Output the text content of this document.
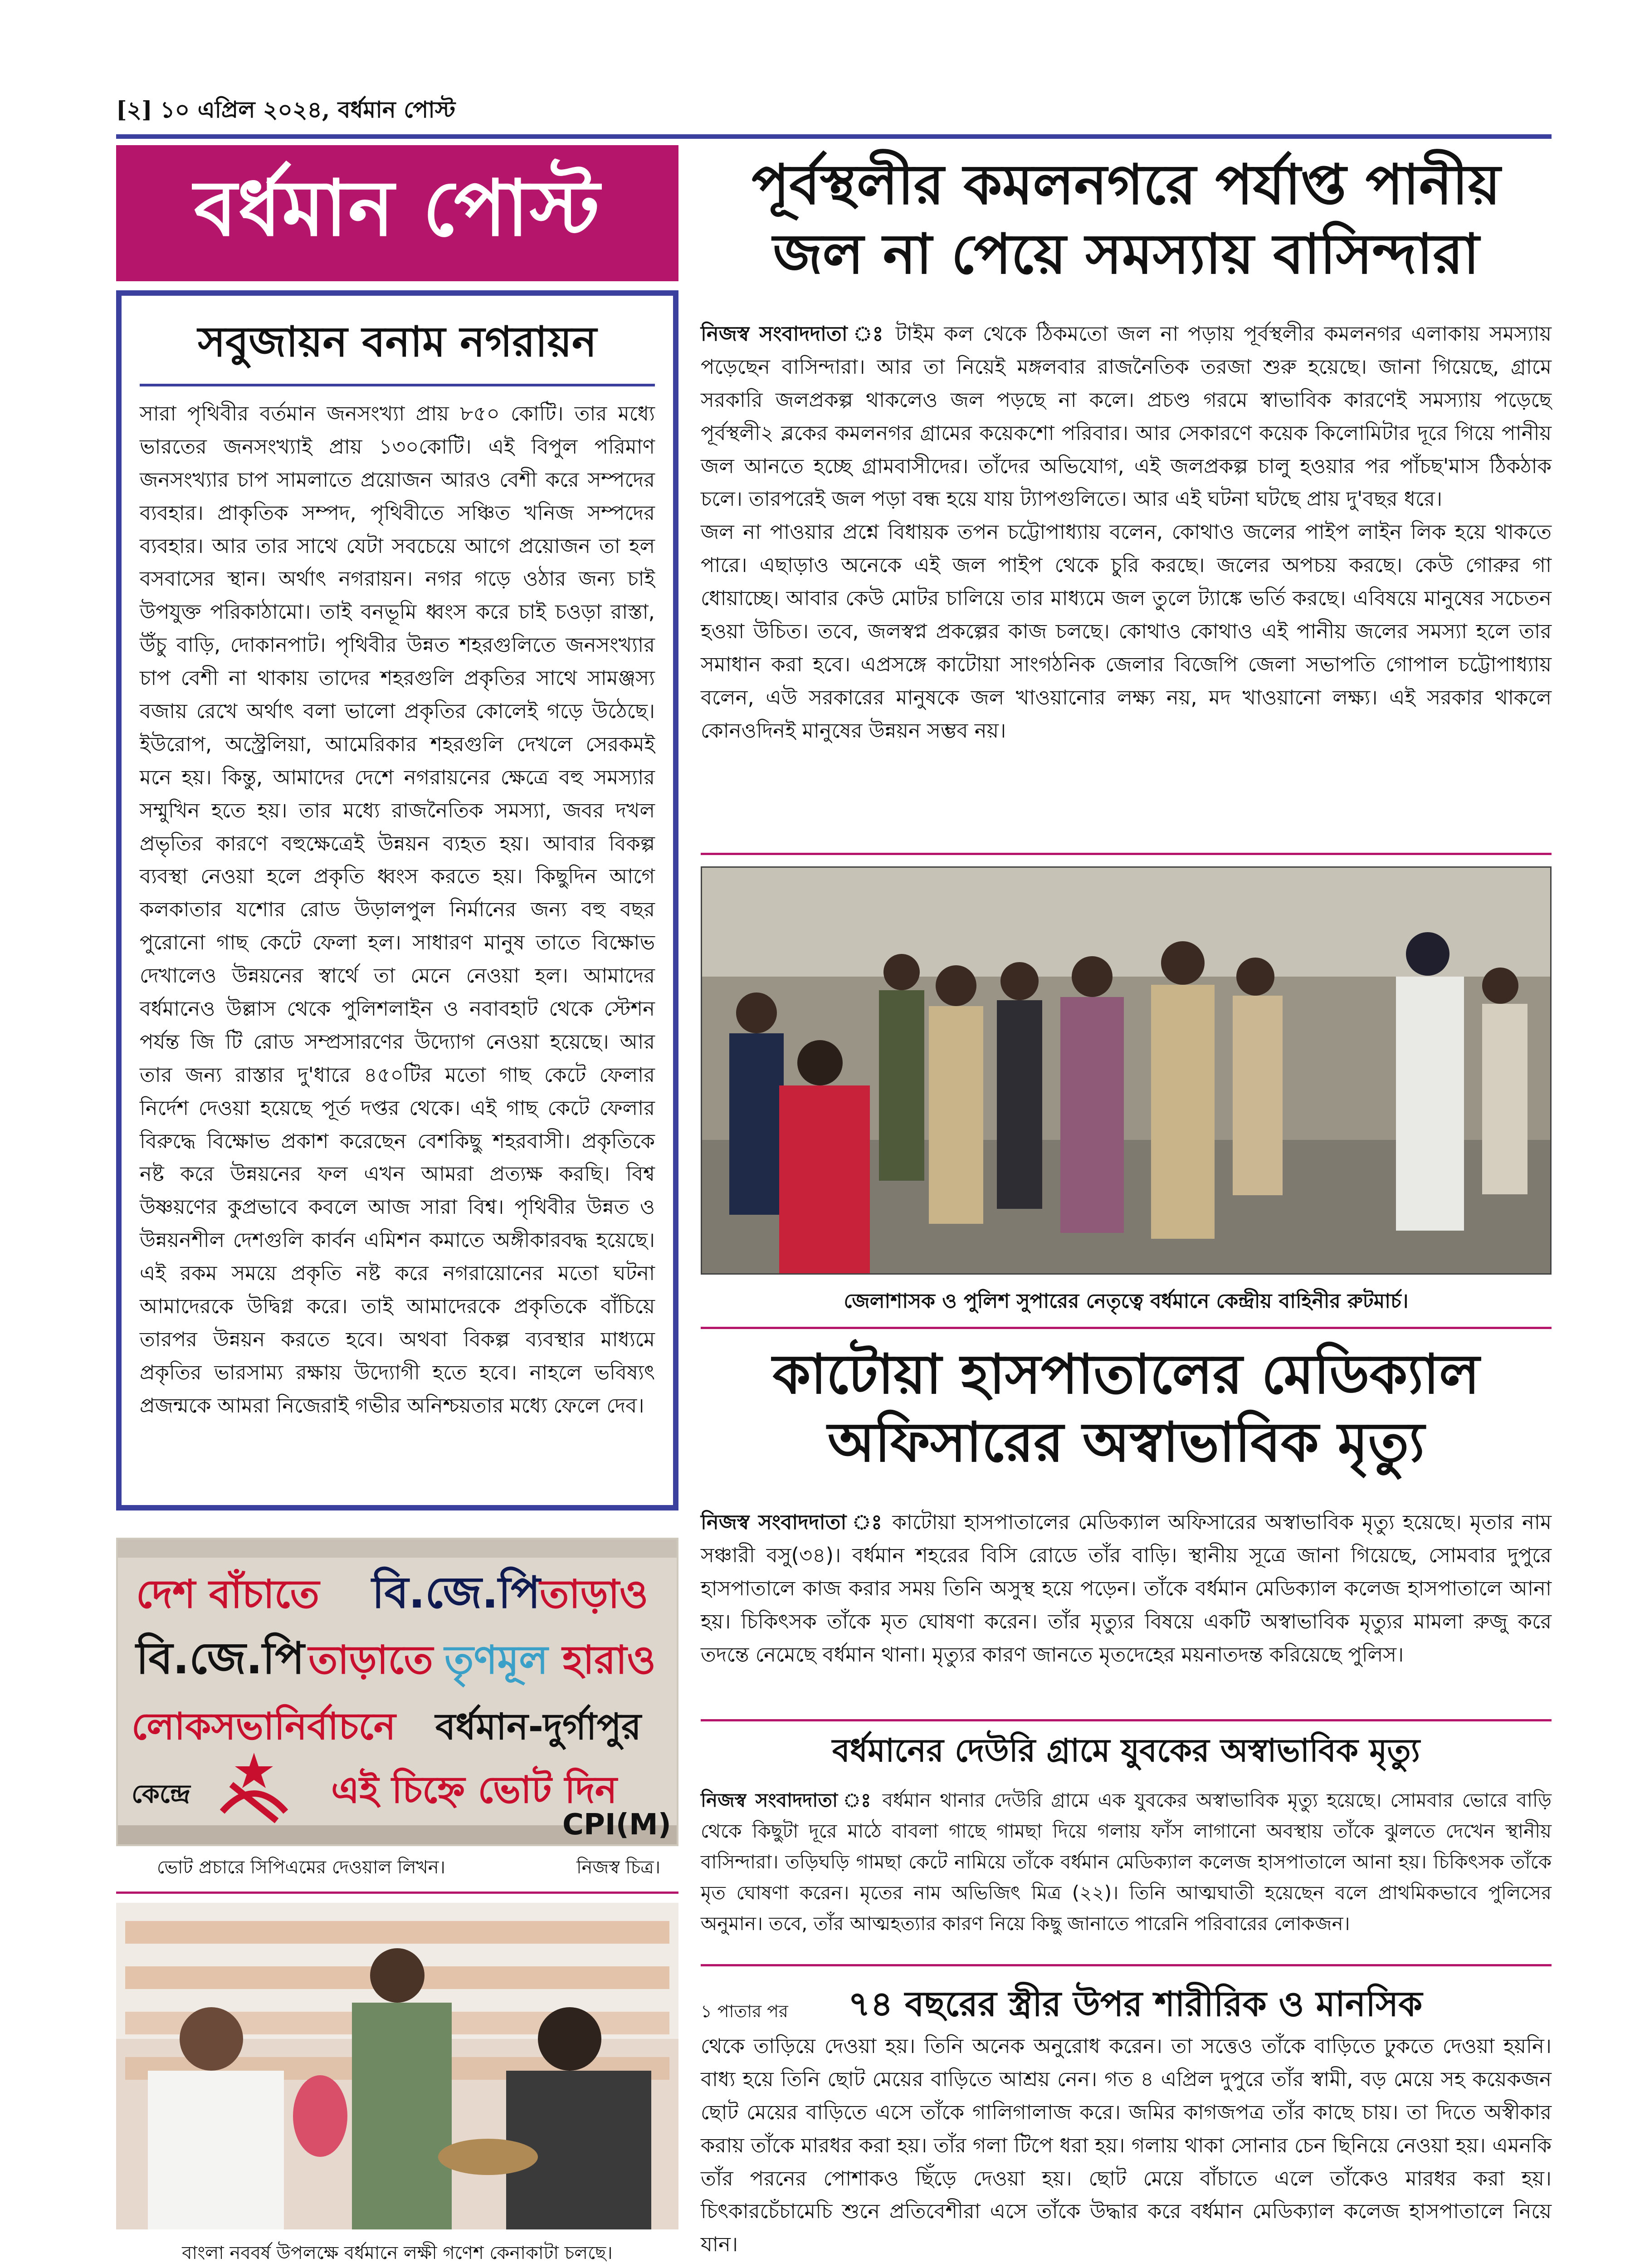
[২] ১০ এপ্রিল ২০২৪, বর্ধমান পোস্ট
বর্ধমান পোস্ট
সবুজায়ন বনাম নগরায়ন

সারা পৃথিবীর বর্তমান জনসংখ্যা প্রায় ৮৫০ কোটি। তার মধ্যে ভারতের জনসংখ্যাই প্রায় ১৩০কোটি। এই বিপুল পরিমাণ জনসংখ্যার চাপ সামলাতে প্রয়োজন আরও বেশী করে সম্পদের ব্যবহার। প্রাকৃতিক সম্পদ, পৃথিবীতে সঞ্চিত খনিজ সম্পদের ব্যবহার। আর তার সাথে যেটা সবচেয়ে আগে প্রয়োজন তা হল বসবাসের স্থান। অর্থাৎ নগরায়ন। নগর গড়ে ওঠার জন্য চাই উপযুক্ত পরিকাঠামো। তাই বনভূমি ধ্বংস করে চাই চওড়া রাস্তা, উঁচু বাড়ি, দোকানপাট। পৃথিবীর উন্নত শহরগুলিতে জনসংখ্যার চাপ বেশী না থাকায় তাদের শহরগুলি প্রকৃতির সাথে সামঞ্জস্য বজায় রেখে অর্থাৎ বলা ভালো প্রকৃতির কোলেই গড়ে উঠেছে। ইউরোপ, অস্ট্রেলিয়া, আমেরিকার শহরগুলি দেখলে সেরকমই মনে হয়। কিন্তু, আমাদের দেশে নগরায়নের ক্ষেত্রে বহু সমস্যার সম্মুখিন হতে হয়। তার মধ্যে রাজনৈতিক সমস্যা, জবর দখল প্রভৃতির কারণে বহুক্ষেত্রেই উন্নয়ন ব্যহত হয়। আবার বিকল্প ব্যবস্থা নেওয়া হলে প্রকৃতি ধ্বংস করতে হয়। কিছুদিন আগে কলকাতার যশোর রোড উড়ালপুল নির্মানের জন্য বহু বছর পুরোনো গাছ কেটে ফেলা হল। সাধারণ মানুষ তাতে বিক্ষোভ দেখালেও উন্নয়নের স্বার্থে তা মেনে নেওয়া হল। আমাদের বর্ধমানেও উল্লাস থেকে পুলিশলাইন ও নবাবহাট থেকে স্টেশন পর্যন্ত জি টি রোড সম্প্রসারণের উদ্যোগ নেওয়া হয়েছে। আর তার জন্য রাস্তার দু'ধারে ৪৫০টির মতো গাছ কেটে ফেলার নির্দেশ দেওয়া হয়েছে পূর্ত দপ্তর থেকে। এই গাছ কেটে ফেলার বিরুদ্ধে বিক্ষোভ প্রকাশ করেছেন বেশকিছু শহরবাসী। প্রকৃতিকে নষ্ট করে উন্নয়নের ফল এখন আমরা প্রত্যক্ষ করছি। বিশ্ব উষ্ণয়ণের কুপ্রভাবে কবলে আজ সারা বিশ্ব। পৃথিবীর উন্নত ও উন্নয়নশীল দেশগুলি কার্বন এমিশন কমাতে অঙ্গীকারবদ্ধ হয়েছে। এই রকম সময়ে প্রকৃতি নষ্ট করে নগরায়োনের মতো ঘটনা আমাদেরকে উদ্বিগ্ন করে। তাই আমাদেরকে প্রকৃতিকে বাঁচিয়ে তারপর উন্নয়ন করতে হবে। অথবা বিকল্প ব্যবস্থার মাধ্যমে প্রকৃতির ভারসাম্য রক্ষায় উদ্যোগী হতে হবে। নাহলে ভবিষ্যৎ প্রজন্মকে আমরা নিজেরাই গভীর অনিশ্চয়তার মধ্যে ফেলে দেব।

দেশ বাঁচাতে বি.জে.পি
তাড়াও
বি.জে.পি তাড়াতে তৃণমূল হারাও
লোকসভানির্বাচনে বর্ধমান-দুর্গাপুর
কেন্দ্রে	এই চিহ্নে ভোট দিন
CPI(M)
ভোট প্রচারে সিপিএমের দেওয়াল লিখন।	নিজস্ব চিত্র।
বাংলা নববর্ষ উপলক্ষে বর্ধমানে লক্ষী গণেশ কেনাকাটা চলছে।
পূর্বস্থলীর কমলনগরে পর্যাপ্ত পানীয় জল না পেয়ে সমস্যায় বাসিন্দারা

নিজস্ব সংবাদদাতা ঃ টাইম কল থেকে ঠিকমতো জল না পড়ায় পূর্বস্থলীর কমলনগর এলাকায় সমস্যায় পড়েছেন বাসিন্দারা। আর তা নিয়েই মঙ্গলবার রাজনৈতিক তরজা শুরু হয়েছে। জানা গিয়েছে, গ্রামে সরকারি জলপ্রকল্প থাকলেও জল পড়ছে না কলে। প্রচণ্ড গরমে স্বাভাবিক কারণেই সমস্যায় পড়েছে পূর্বস্থলী২ ব্লকের কমলনগর গ্রামের কয়েকশো পরিবার। আর সেকারণে কয়েক কিলোমিটার দূরে গিয়ে পানীয় জল আনতে হচ্ছে গ্রামবাসীদের। তাঁদের অভিযোগ, এই জলপ্রকল্প চালু হওয়ার পর পাঁচছ'মাস ঠিকঠাক চলে। তারপরেই জল পড়া বন্ধ হয়ে যায় ট্যাপগুলিতে। আর এই ঘটনা ঘটছে প্রায় দু'বছর ধরে।

জল না পাওয়ার প্রশ্নে বিধায়ক তপন চট্টোপাধ্যায় বলেন, কোথাও জলের পাইপ লাইন লিক হয়ে থাকতে পারে। এছাড়াও অনেকে এই জল পাইপ থেকে চুরি করছে। জলের অপচয় করছে। কেউ গোরুর গা ধোয়াচ্ছে। আবার কেউ মোটর চালিয়ে তার মাধ্যমে জল তুলে ট্যাঙ্কে ভর্তি করছে। এবিষয়ে মানুষের সচেতন হওয়া উচিত। তবে, জলস্বপ্ন প্রকল্পের কাজ চলছে। কোথাও কোথাও এই পানীয় জলের সমস্যা হলে তার সমাধান করা হবে। এপ্রসঙ্গে কাটোয়া সাংগঠনিক জেলার বিজেপি জেলা সভাপতি গোপাল চট্টোপাধ্যায় বলেন, এউ সরকারের মানুষকে জল খাওয়ানোর লক্ষ্য নয়, মদ খাওয়ানো লক্ষ্য। এই সরকার থাকলে কোনওদিনই মানুষের উন্নয়ন সম্ভব নয়।

জেলাশাসক ও পুলিশ সুপারের নেতৃত্বে বর্ধমানে কেন্দ্রীয় বাহিনীর রুটমার্চ।
কাটোয়া হাসপাতালের মেডিক্যাল অফিসারের অস্বাভাবিক মৃত্যু

নিজস্ব সংবাদদাতা ঃ কাটোয়া হাসপাতালের মেডিক্যাল অফিসারের অস্বাভাবিক মৃত্যু হয়েছে। মৃতার নাম সঞ্চারী বসু(৩৪)। বর্ধমান শহরের বিসি রোডে তাঁর বাড়ি। স্থানীয় সূত্রে জানা গিয়েছে, সোমবার দুপুরে হাসপাতালে কাজ করার সময় তিনি অসুস্থ হয়ে পড়েন। তাঁকে বর্ধমান মেডিক্যাল কলেজ হাসপাতালে আনা হয়। চিকিৎসক তাঁকে মৃত ঘোষণা করেন। তাঁর মৃত্যুর বিষয়ে একটি অস্বাভাবিক মৃত্যুর মামলা রুজু করে তদন্তে নেমেছে বর্ধমান থানা। মৃত্যুর কারণ জানতে মৃতদেহের ময়নাতদন্ত করিয়েছে পুলিস।

বর্ধমানের দেউরি গ্রামে যুবকের অস্বাভাবিক মৃত্যু

নিজস্ব সংবাদদাতা ঃ বর্ধমান থানার দেউরি গ্রামে এক যুবকের অস্বাভাবিক মৃত্যু হয়েছে। সোমবার ভোরে বাড়ি থেকে কিছুটা দূরে মাঠে বাবলা গাছে গামছা দিয়ে গলায় ফাঁস লাগানো অবস্থায় তাঁকে ঝুলতে দেখেন স্থানীয় বাসিন্দারা। তড়িঘড়ি গামছা কেটে নামিয়ে তাঁকে বর্ধমান মেডিক্যাল কলেজ হাসপাতালে আনা হয়। চিকিৎসক তাঁকে মৃত ঘোষণা করেন। মৃতের নাম অভিজিৎ মিত্র (২২)। তিনি আত্মঘাতী হয়েছেন বলে প্রাথমিকভাবে পুলিসের অনুমান। তবে, তাঁর আত্মহত্যার কারণ নিয়ে কিছু জানাতে পারেনি পরিবারের লোকজন।

১ পাতার পর ৭৪ বছরের স্ত্রীর উপর শারীরিক ও মানসিক
থেকে তাড়িয়ে দেওয়া হয়। তিনি অনেক অনুরোধ করেন। তা সত্তেও তাঁকে বাড়িতে ঢুকতে দেওয়া হয়নি। বাধ্য হয়ে তিনি ছোট মেয়ের বাড়িতে আশ্রয় নেন। গত ৪ এপ্রিল দুপুরে তাঁর স্বামী, বড় মেয়ে সহ কয়েকজন ছোট মেয়ের বাড়িতে এসে তাঁকে গালিগালাজ করে। জমির কাগজপত্র তাঁর কাছে চায়। তা দিতে অস্বীকার করায় তাঁকে মারধর করা হয়। তাঁর গলা টিপে ধরা হয়। গলায় থাকা সোনার চেন ছিনিয়ে নেওয়া হয়। এমনকি তাঁর পরনের পোশাকও ছিঁড়ে দেওয়া হয়। ছোট মেয়ে বাঁচাতে এলে তাঁকেও মারধর করা হয়। চিৎকারচেঁচামেচি শুনে প্রতিবেশীরা এসে তাঁকে উদ্ধার করে বর্ধমান মেডিক্যাল কলেজ হাসপাতালে নিয়ে যান।
